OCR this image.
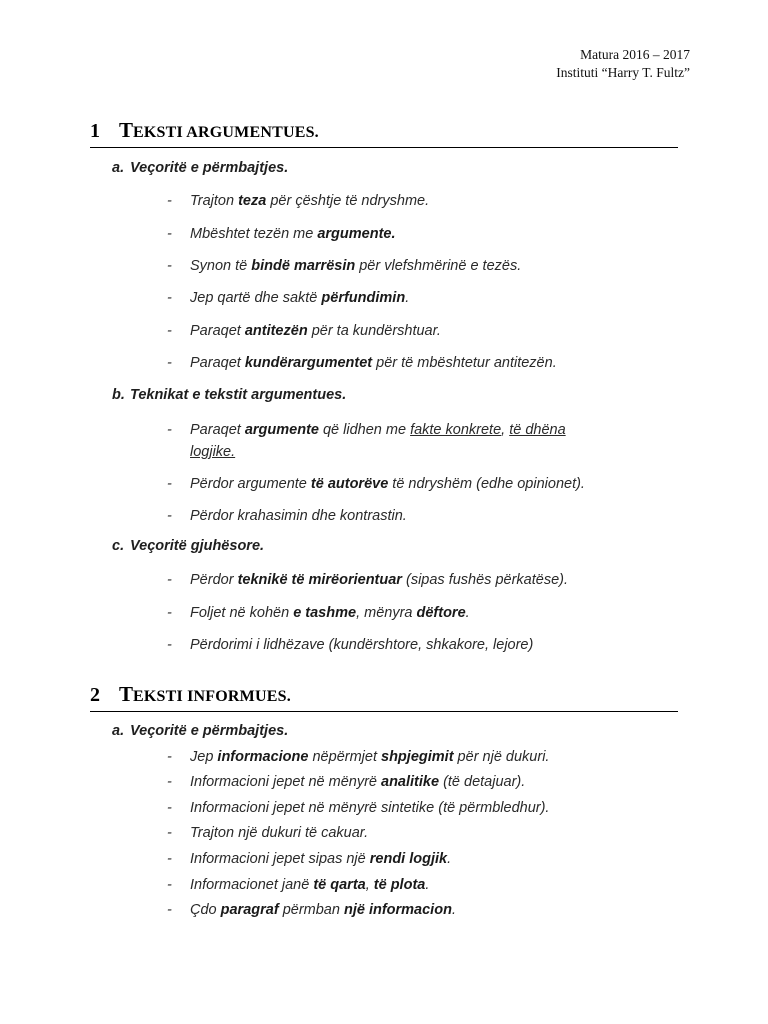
Matura 2016 – 2017
Instituti “Harry T. Fultz”
1 TEKSTI ARGUMENTUES.
a. Veçoritë e përmbajtjes.
- Trajton teza për çështje të ndryshme.
- Mbështet tezën me argumente.
- Synon të bindë marrësin për vlefshmërinë e tezës.
- Jep qartë dhe saktë përfundimin.
- Paraqet antitezën për ta kundërshtuar.
- Paraqet kundërargumentet për të mbështetur antitezën.
b. Teknikat e tekstit argumentues.
- Paraqet argumente që lidhen me fakte konkrete, të dhëna logjike.
- Përdor argumente të autorëve të ndryshëm (edhe opinionet).
- Përdor krahasimin dhe kontrastin.
c. Veçoritë gjuhësore.
- Përdor teknikë të mirëorientuar (sipas fushës përkatëse).
- Foljet në kohën e tashme, mënyra dëftore.
- Përdorimi i lidhëzave (kundërshtore, shkakore, lejore)
2 TEKSTI INFORMUES.
a. Veçoritë e përmbajtjes.
- Jep informacione nëpërmjet shpjegimit për një dukuri.
- Informacioni jepet në mënyrë analitike (të detajuar).
- Informacioni jepet në mënyrë sintetike (të përmbledhur).
- Trajton një dukuri të cakuar.
- Informacioni jepet sipas një rendi logjik.
- Informacionet janë të qarta, të plota.
- Çdo paragraf përmban një informacion.
